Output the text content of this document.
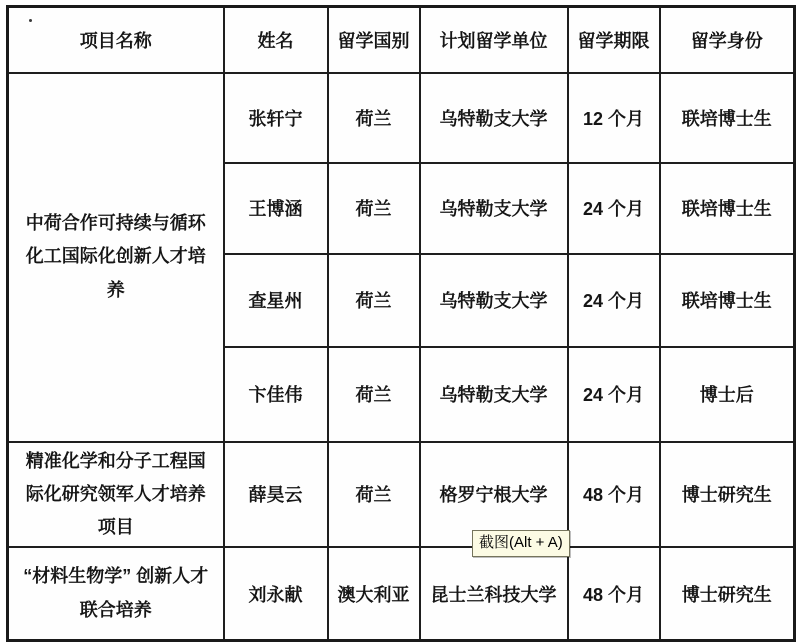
项目名称	姓名	留学国别	计划留学单位	留学期限	留学身份
中荷合作可持续与循环化工国际化创新人才培养	张轩宁	荷兰	乌特勒支大学	12 个月	联培博士生
	王博涵	荷兰	乌特勒支大学	24 个月	联培博士生
	查星州	荷兰	乌特勒支大学	24 个月	联培博士生
	卞佳伟	荷兰	乌特勒支大学	24 个月	博士后
精准化学和分子工程国际化研究领军人才培养项目	薛昊云	荷兰	格罗宁根大学	48 个月	博士研究生
“材料生物学” 创新人才联合培养	刘永献	澳大利亚	昆士兰科技大学	48 个月	博士研究生
截图(Alt + A)
